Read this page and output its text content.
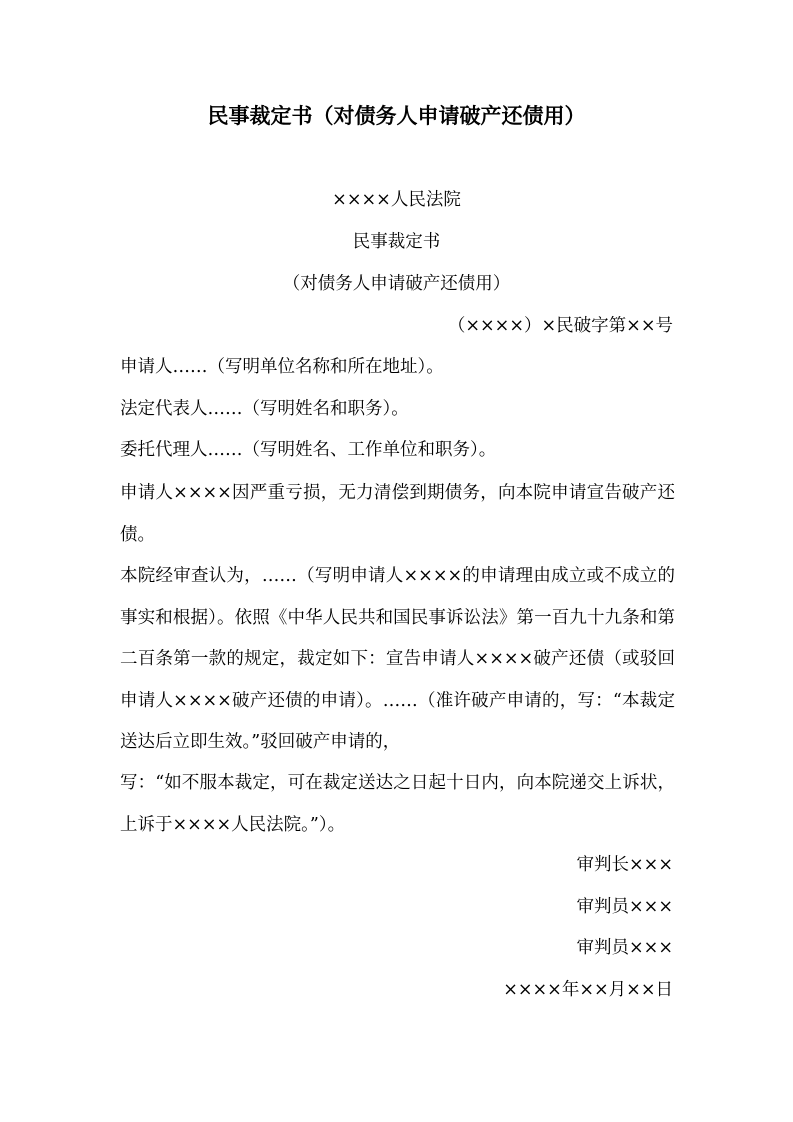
民事裁定书（对债务人申请破产还债用）
××××人民法院
民事裁定书
（对债务人申请破产还债用）
（××××）×民破字第××号
申请人……（写明单位名称和所在地址）。
法定代表人……（写明姓名和职务）。
委托代理人……（写明姓名、工作单位和职务）。
申请人××××因严重亏损，无力清偿到期债务，向本院申请宣告破产还债。
本院经审查认为，……（写明申请人××××的申请理由成立或不成立的事实和根据）。依照《中华人民共和国民事诉讼法》第一百九十九条和第二百条第一款的规定，裁定如下：宣告申请人××××破产还债（或驳回申请人××××破产还债的申请）。……（准许破产申请的，写：“本裁定送达后立即生效。”驳回破产申请的，
写：“如不服本裁定，可在裁定送达之日起十日内，向本院递交上诉状，上诉于××××人民法院。”）。
审判长×××
审判员×××
审判员×××
××××年××月××日
